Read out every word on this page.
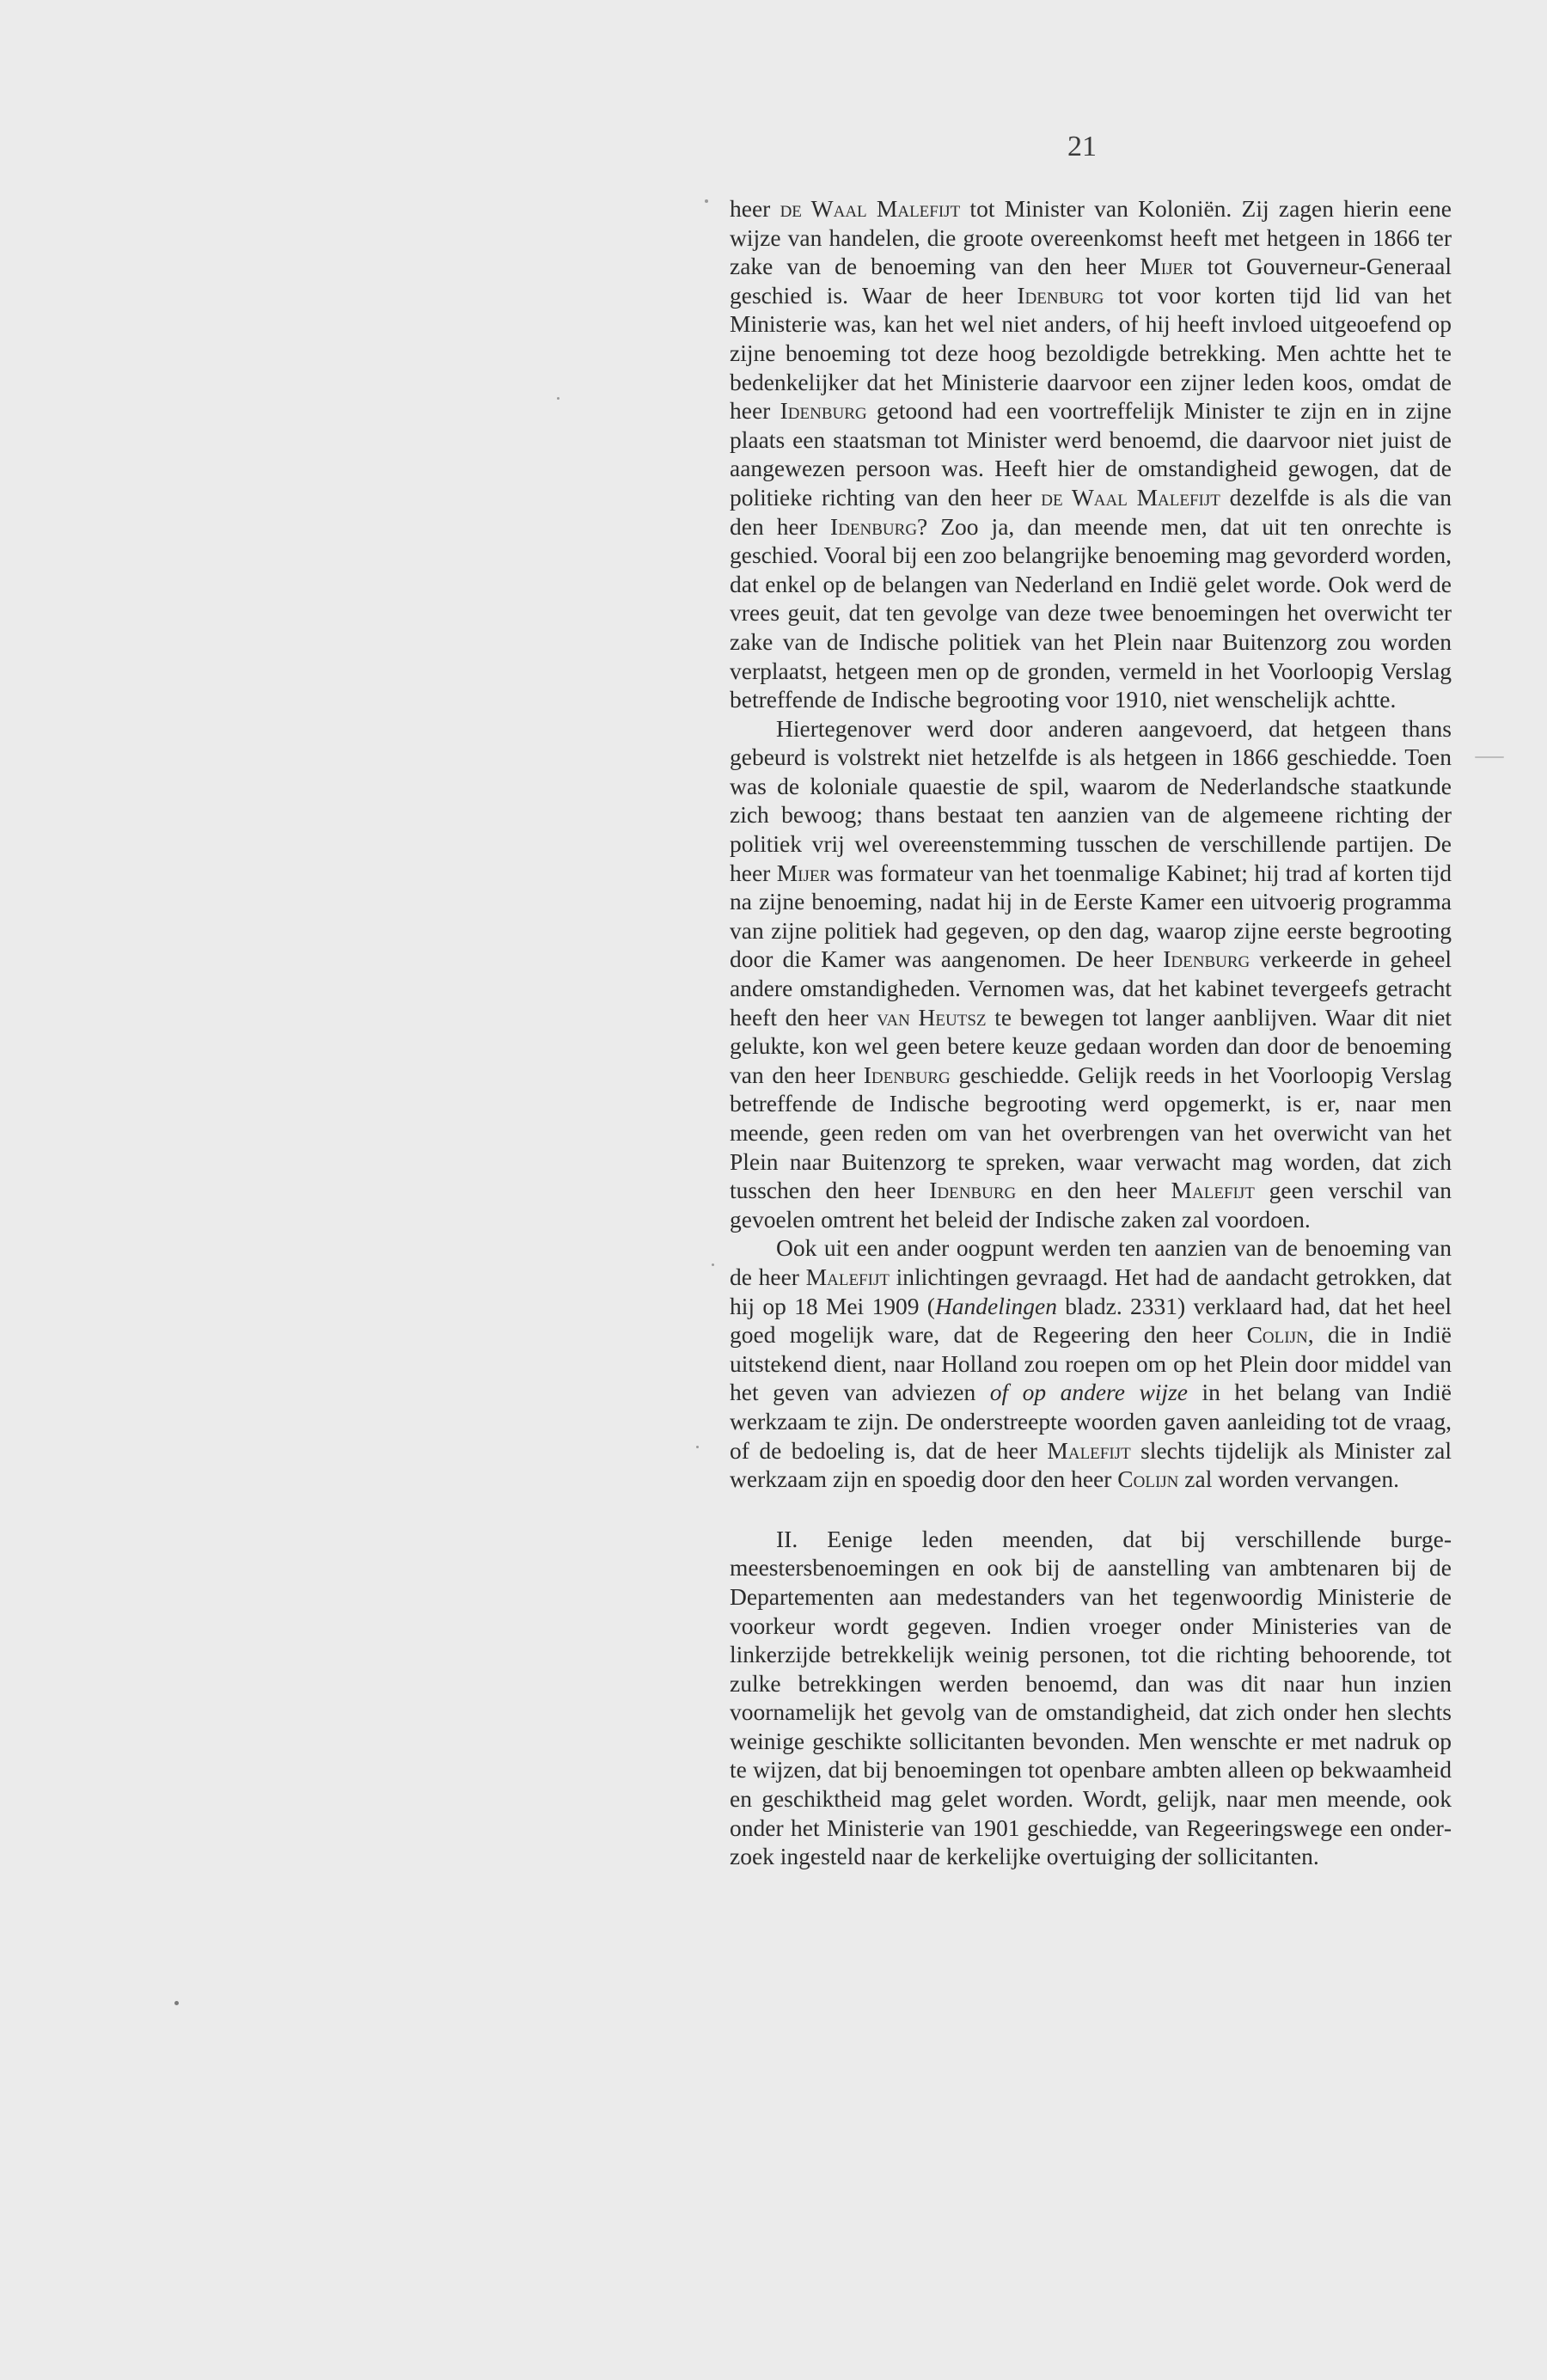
21

heer de Waal Malefijt tot Minister van Koloniën. Zij zagen hierin eene wijze van handelen, die groote overeenkomst heeft met hetgeen in 1866 ter zake van de benoeming van den heer Mijer tot Gouverneur-Generaal geschied is. Waar de heer Idenburg tot voor korten tijd lid van het Ministerie was, kan het wel niet anders, of hij heeft invloed uitgeoefend op zijne benoeming tot deze hoog bezoldigde betrekking. Men achtte het te bedenkelijker dat het Ministerie daarvoor een zijner leden koos, omdat de heer Idenburg getoond had een voortreffelijk Minister te zijn en in zijne plaats een staatsman tot Minister werd benoemd, die daarvoor niet juist de aangewezen persoon was. Heeft hier de omstandigheid gewogen, dat de politieke richting van den heer de Waal Malefijt dezelfde is als die van den heer Idenburg? Zoo ja, dan meende men, dat uit ten onrechte is geschied. Vooral bij een zoo belangrijke benoeming mag gevorderd worden, dat enkel op de belangen van Nederland en Indië gelet worde. Ook werd de vrees geuit, dat ten gevolge van deze twee benoemingen het overwicht ter zake van de Indische politiek van het Plein naar Buitenzorg zou worden verplaatst, hetgeen men op de gronden, vermeld in het Voorloopig Verslag betreffende de Indische begrooting voor 1910, niet wenschelijk achtte.

Hiertegenover werd door anderen aangevoerd, dat hetgeen thans gebeurd is volstrekt niet hetzelfde is als hetgeen in 1866 geschiedde. Toen was de koloniale quaestie de spil, waarom de Nederlandsche staatkunde zich bewoog; thans bestaat ten aanzien van de algemeene richting der politiek vrij wel overeenstemming tusschen de verschillende partijen. De heer Mijer was formateur van het toenmalige Kabinet; hij trad af korten tijd na zijne benoeming, nadat hij in de Eerste Kamer een uitvoerig programma van zijne politiek had gegeven, op den dag, waarop zijne eerste begrooting door die Kamer was aangenomen. De heer Idenburg verkeerde in geheel andere omstandigheden. Vernomen was, dat het kabinet tevergeefs getracht heeft den heer van Heutsz te bewegen tot langer aanblijven. Waar dit niet gelukte, kon wel geen betere keuze gedaan worden dan door de benoeming van den heer Idenburg geschiedde. Gelijk reeds in het Voorloopig Verslag betreffende de Indische begrooting werd opgemerkt, is er, naar men meende, geen reden om van het overbrengen van het overwicht van het Plein naar Buitenzorg te spreken, waar verwacht mag worden, dat zich tusschen den heer Idenburg en den heer Malefijt geen verschil van gevoelen omtrent het beleid der Indische zaken zal voordoen.

Ook uit een ander oogpunt werden ten aanzien van de benoeming van de heer Malefijt inlichtingen gevraagd. Het had de aandacht getrokken, dat hij op 18 Mei 1909 (Handelingen bladz. 2331) verklaard had, dat het heel goed mogelijk ware, dat de Regeering den heer Colijn, die in Indië uitstekend dient, naar Holland zou roepen om op het Plein door middel van het geven van adviezen of op andere wijze in het belang van Indië werkzaam te zijn. De onderstreepte woorden gaven aanleiding tot de vraag, of de bedoeling is, dat de heer Malefijt slechts tijdelijk als Minister zal werkzaam zijn en spoedig door den heer Colijn zal worden vervangen.

II. Eenige leden meenden, dat bij verschillende burgemeestersbenoemingen en ook bij de aanstelling van ambtenaren bij de Departementen aan medestanders van het tegenwoordig Ministerie de voorkeur wordt gegeven. Indien vroeger onder Ministeries van de linkerzijde betrekkelijk weinig personen, tot die richting behoorende, tot zulke betrekkingen werden benoemd, dan was dit naar hun inzien voornamelijk het gevolg van de omstandigheid, dat zich onder hen slechts weinige geschikte sollicitanten bevonden. Men wenschte er met nadruk op te wijzen, dat bij benoemingen tot openbare ambten alleen op bekwaamheid en geschiktheid mag gelet worden. Wordt, gelijk, naar men meende, ook onder het Ministerie van 1901 geschiedde, van Regeeringswege een onderzoek ingesteld naar de kerkelijke overtuiging der sollicitanten.
